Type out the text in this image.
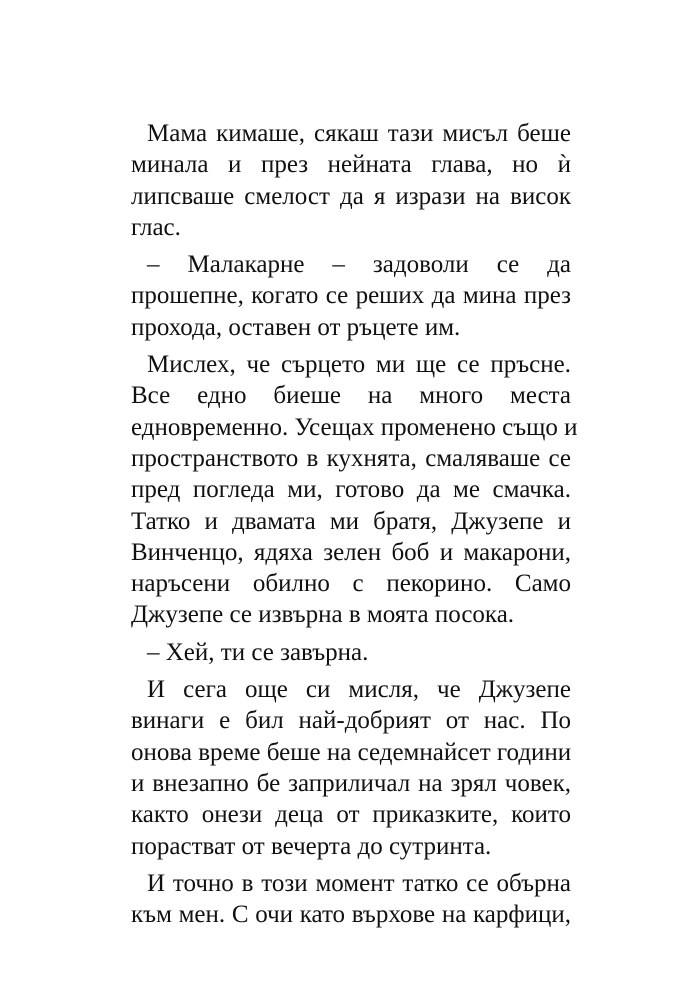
Мама кимаше, сякаш тази мисъл беше
минала и през нейната глава, но ѝ
липсваше смелост да я изрази на висок
глас.
– Малакарне – задоволи се да
прошепне, когато се реших да мина през
прохода, оставен от ръцете им.
Мислех, че сърцето ми ще се пръсне.
Все едно биеше на много места
едновременно. Усещах променено също и
пространството в кухнята, смаляваше се
пред погледа ми, готово да ме смачка.
Татко и двамата ми братя, Джузепе и
Винченцо, ядяха зелен боб и макарони,
наръсени обилно с пекорино. Само
Джузепе се извърна в моята посока.
– Хей, ти се завърна.
И сега още си мисля, че Джузепе
винаги е бил най-добрият от нас. По
онова време беше на седемнайсет години
и внезапно бе заприличал на зрял човек,
както онези деца от приказките, които
порастват от вечерта до сутринта.
И точно в този момент татко се обърна
към мен. С очи като върхове на карфици,
